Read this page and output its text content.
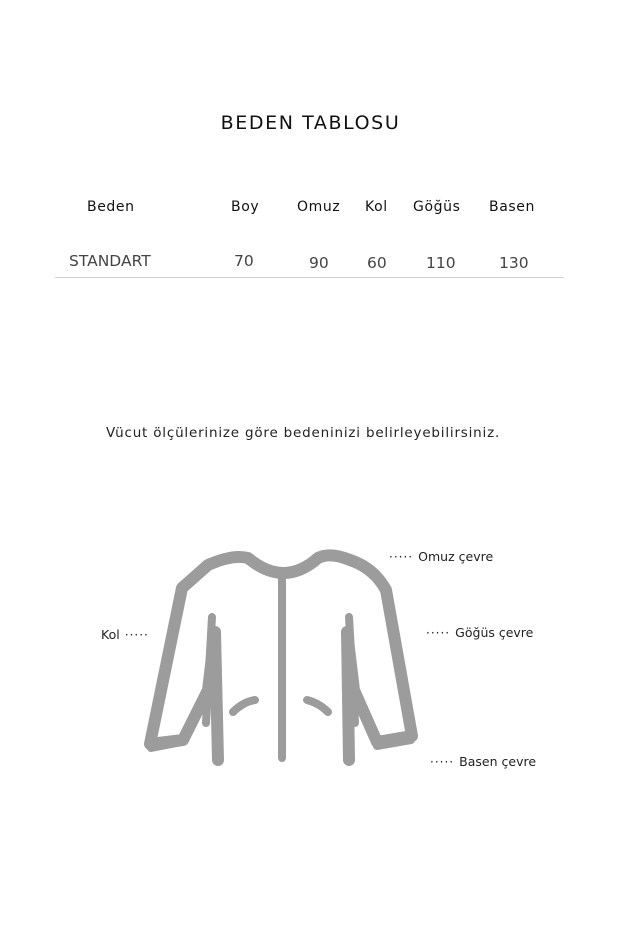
BEDEN TABLOSU
Beden	Boy	Omuz Kol Göğüs Basen
STANDART	70	90 60	110	130
Vücut ölçülerinize göre bedeninizi belirleyebilirsiniz.
Kol ·····
····· Omuz çevre
····· Göğüs çevre
····· Basen çevre
